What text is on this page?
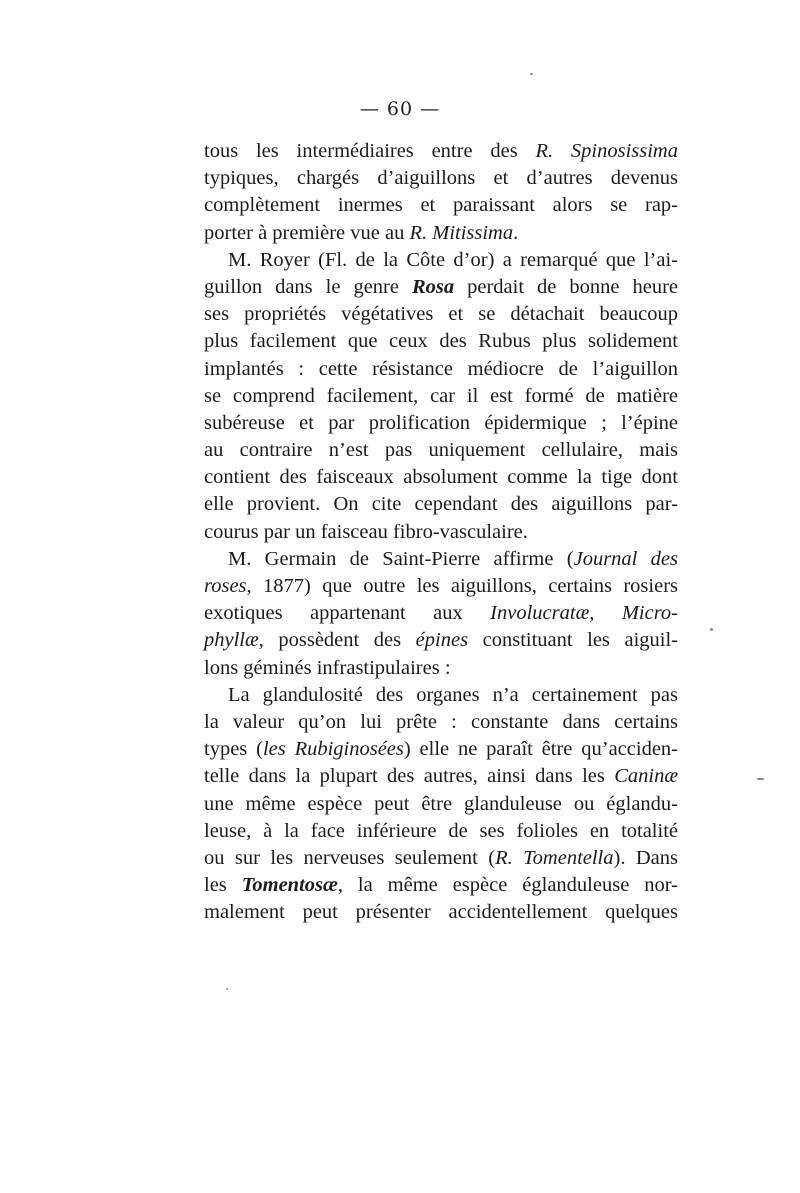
— 60 —
tous les intermédiaires entre des R. Spinosissima
typiques, chargés d’aiguillons et d’autres devenus
complètement inermes et paraissant alors se rap-
porter à première vue au R. Mitissima.
M. Royer (Fl. de la Côte d’or) a remarqué que l’ai-
guillon dans le genre Rosa perdait de bonne heure
ses propriétés végétatives et se détachait beaucoup
plus facilement que ceux des Rubus plus solidement
implantés : cette résistance médiocre de l’aiguillon
se comprend facilement, car il est formé de matière
subéreuse et par prolification épidermique ; l’épine
au contraire n’est pas uniquement cellulaire, mais
contient des faisceaux absolument comme la tige dont
elle provient. On cite cependant des aiguillons par-
courus par un faisceau fibro-vasculaire.
M. Germain de Saint-Pierre affirme (Journal des
roses, 1877) que outre les aiguillons, certains rosiers
exotiques appartenant aux Involucratæ, Micro-
phyllæ, possèdent des épines constituant les aiguil-
lons géminés infrastipulaires :
La glandulosité des organes n’a certainement pas
la valeur qu’on lui prête : constante dans certains
types (les Rubiginosées) elle ne paraît être qu’acciden-
telle dans la plupart des autres, ainsi dans les Caninæ
une même espèce peut être glanduleuse ou églandu-
leuse, à la face inférieure de ses folioles en totalité
ou sur les nerveuses seulement (R. Tomentella). Dans
les Tomentosæ, la même espèce églanduleuse nor-
malement peut présenter accidentellement quelques
